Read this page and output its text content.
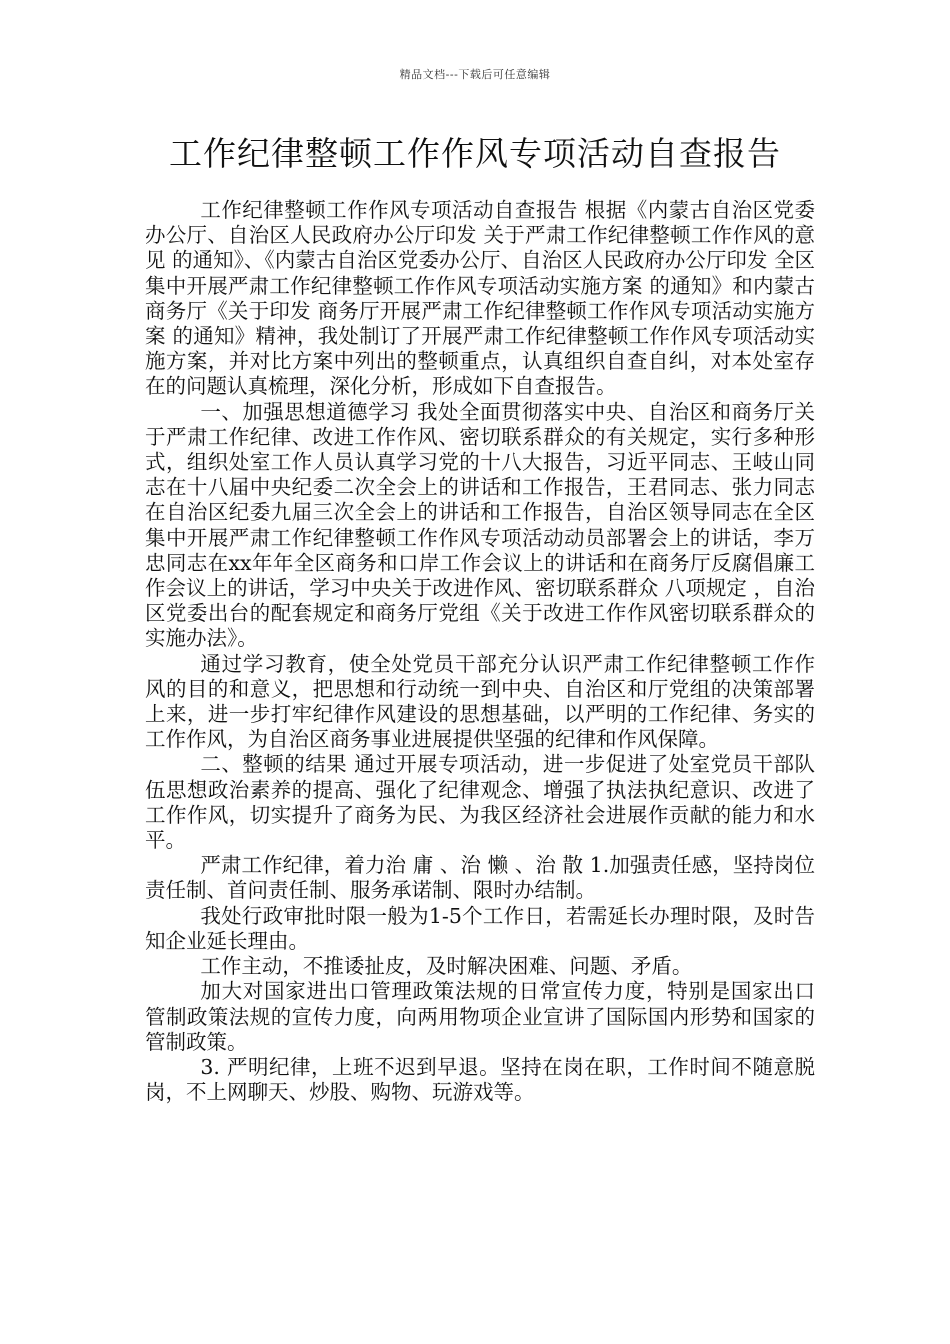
精品文档---下载后可任意编辑
工作纪律整顿工作作风专项活动自查报告

工作纪律整顿工作作风专项活动自查报告 根据《内蒙古自治区党委办公厅、自治区人民政府办公厅印发 关于严肃工作纪律整顿工作作风的意见 的通知》、《内蒙古自治区党委办公厅、自治区人民政府办公厅印发 全区集中开展严肃工作纪律整顿工作作风专项活动实施方案 的通知》和内蒙古商务厅《关于印发 商务厅开展严肃工作纪律整顿工作作风专项活动实施方案 的通知》精神，我处制订了开展严肃工作纪律整顿工作作风专项活动实施方案，并对比方案中列出的整顿重点，认真组织自查自纠，对本处室存在的问题认真梳理，深化分析，形成如下自查报告。

一、加强思想道德学习 我处全面贯彻落实中央、自治区和商务厅关于严肃工作纪律、改进工作作风、密切联系群众的有关规定，实行多种形式，组织处室工作人员认真学习党的十八大报告，习近平同志、王岐山同志在十八届中央纪委二次全会上的讲话和工作报告，王君同志、张力同志在自治区纪委九届三次全会上的讲话和工作报告，自治区领导同志在全区集中开展严肃工作纪律整顿工作作风专项活动动员部署会上的讲话，李万忠同志在xx年年全区商务和口岸工作会议上的讲话和在商务厅反腐倡廉工作会议上的讲话，学习中央关于改进作风、密切联系群众 八项规定 ，自治区党委出台的配套规定和商务厅党组《关于改进工作作风密切联系群众的实施办法》。

通过学习教育，使全处党员干部充分认识严肃工作纪律整顿工作作风的目的和意义，把思想和行动统一到中央、自治区和厅党组的决策部署上来，进一步打牢纪律作风建设的思想基础，以严明的工作纪律、务实的工作作风，为自治区商务事业进展提供坚强的纪律和作风保障。

二、整顿的结果 通过开展专项活动，进一步促进了处室党员干部队伍思想政治素养的提高、强化了纪律观念、增强了执法执纪意识、改进了工作作风，切实提升了商务为民、为我区经济社会进展作贡献的能力和水平。

严肃工作纪律，着力治 庸 、治 懒 、治 散 1.加强责任感，坚持岗位责任制、首问责任制、服务承诺制、限时办结制。

我处行政审批时限一般为1-5个工作日，若需延长办理时限，及时告知企业延长理由。

工作主动，不推诿扯皮，及时解决困难、问题、矛盾。

加大对国家进出口管理政策法规的日常宣传力度，特别是国家出口管制政策法规的宣传力度，向两用物项企业宣讲了国际国内形势和国家的管制政策。

3. 严明纪律，上班不迟到早退。坚持在岗在职，工作时间不随意脱岗，不上网聊天、炒股、购物、玩游戏等。
